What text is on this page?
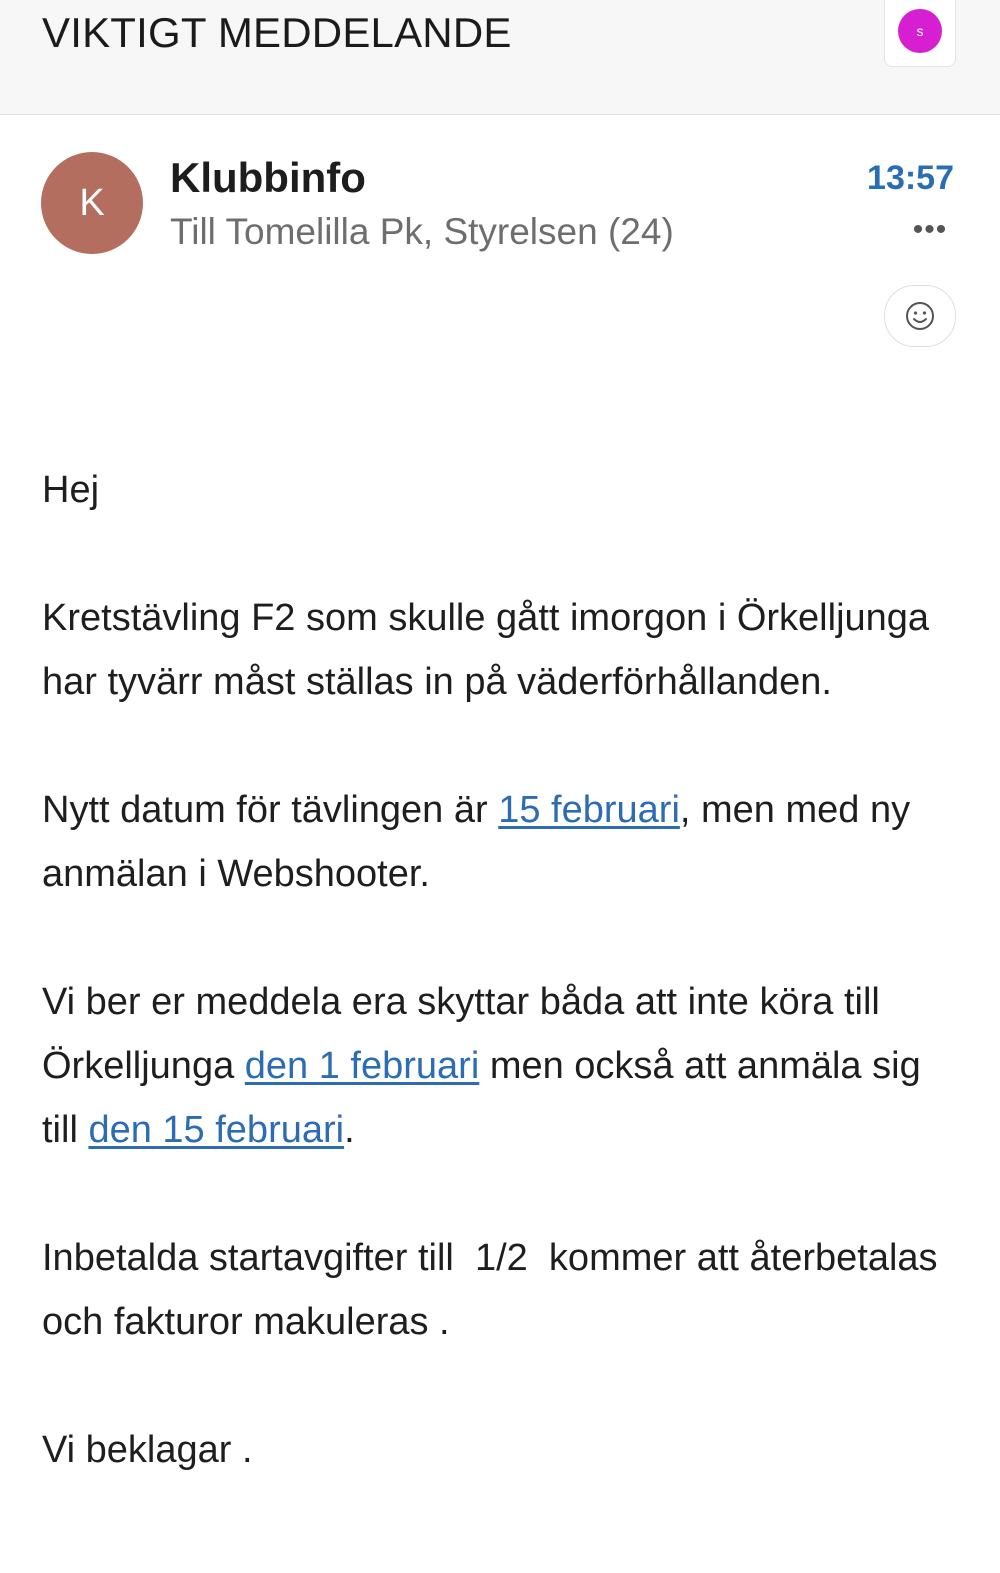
VIKTIGT MEDDELANDE	s
K
Klubbinfo
Till Tomelilla Pk, Styrelsen (24)
13:57
•••

Hej

Kretstävling F2 som skulle gått imorgon i Örkelljunga har tyvärr måst ställas in på väderförhållanden.

Nytt datum för tävlingen är 15 februari, men med ny anmälan i Webshooter.

Vi ber er meddela era skyttar båda att inte köra till Örkelljunga den 1 februari men också att anmäla sig till den 15 februari.

Inbetalda startavgifter till  1/2  kommer att återbetalas  och fakturor makuleras .

Vi beklagar .
